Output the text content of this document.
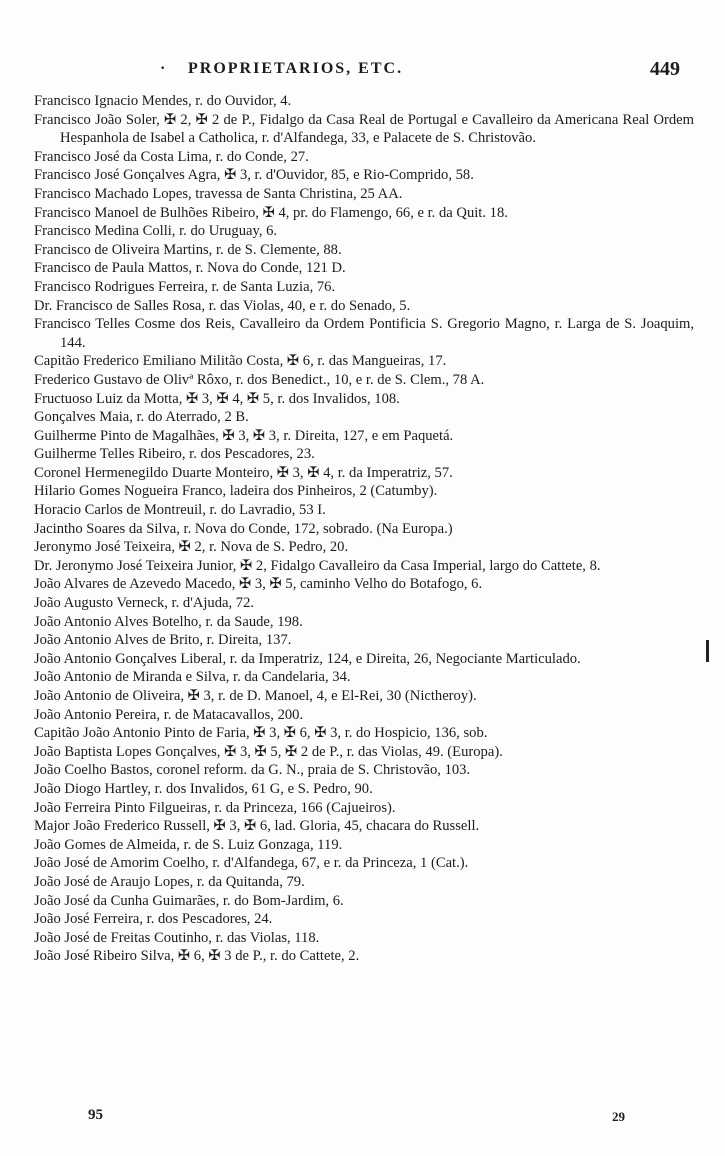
· PROPRIETARIOS, ETC.	449
Francisco Ignacio Mendes, r. do Ouvidor, 4.
Francisco João Soler, ✠ 2, ✠ 2 de P., Fidalgo da Casa Real de Portugal e Cavalleiro da Americana Real Ordem Hespanhola de Isabel a Catholica, r. d'Alfandega, 33, e Palacete de S. Christovão.
Francisco José da Costa Lima, r. do Conde, 27.
Francisco José Gonçalves Agra, ✠ 3, r. d'Ouvidor, 85, e Rio-Comprido, 58.
Francisco Machado Lopes, travessa de Santa Christina, 25 AA.
Francisco Manoel de Bulhões Ribeiro, ✠ 4, pr. do Flamengo, 66, e r. da Quit. 18.
Francisco Medina Colli, r. do Uruguay, 6.
Francisco de Oliveira Martins, r. de S. Clemente, 88.
Francisco de Paula Mattos, r. Nova do Conde, 121 D.
Francisco Rodrigues Ferreira, r. de Santa Luzia, 76.
Dr. Francisco de Salles Rosa, r. das Violas, 40, e r. do Senado, 5.
Francisco Telles Cosme dos Reis, Cavalleiro da Ordem Pontificia S. Gregorio Magno, r. Larga de S. Joaquim, 144.
Capitão Frederico Emiliano Militão Costa, ✠ 6, r. das Mangueiras, 17.
Frederico Gustavo de Olivª Rôxo, r. dos Benedict., 10, e r. de S. Clem., 78 A.
Fructuoso Luiz da Motta, ✠ 3, ✠ 4, ✠ 5, r. dos Invalidos, 108.
Gonçalves Maia, r. do Aterrado, 2 B.
Guilherme Pinto de Magalhães, ✠ 3, ✠ 3, r. Direita, 127, e em Paquetá.
Guilherme Telles Ribeiro, r. dos Pescadores, 23.
Coronel Hermenegildo Duarte Monteiro, ✠ 3, ✠ 4, r. da Imperatriz, 57.
Hilario Gomes Nogueira Franco, ladeira dos Pinheiros, 2 (Catumby).
Horacio Carlos de Montreuil, r. do Lavradio, 53 I.
Jacintho Soares da Silva, r. Nova do Conde, 172, sobrado. (Na Europa.)
Jeronymo José Teixeira, ✠ 2, r. Nova de S. Pedro, 20.
Dr. Jeronymo José Teixeira Junior, ✠ 2, Fidalgo Cavalleiro da Casa Imperial, largo do Cattete, 8.
João Alvares de Azevedo Macedo, ✠ 3, ✠ 5, caminho Velho do Botafogo, 6.
João Augusto Verneck, r. d'Ajuda, 72.
João Antonio Alves Botelho, r. da Saude, 198.
João Antonio Alves de Brito, r. Direita, 137.
João Antonio Gonçalves Liberal, r. da Imperatriz, 124, e Direita, 26, Negociante Marticulado.
João Antonio de Miranda e Silva, r. da Candelaria, 34.
João Antonio de Oliveira, ✠ 3, r. de D. Manoel, 4, e El-Rei, 30 (Nictheroy).
João Antonio Pereira, r. de Matacavallos, 200.
Capitão João Antonio Pinto de Faria, ✠ 3, ✠ 6, ✠ 3, r. do Hospicio, 136, sob.
João Baptista Lopes Gonçalves, ✠ 3, ✠ 5, ✠ 2 de P., r. das Violas, 49. (Europa).
João Coelho Bastos, coronel reform. da G. N., praia de S. Christovão, 103.
João Diogo Hartley, r. dos Invalidos, 61 G, e S. Pedro, 90.
João Ferreira Pinto Filgueiras, r. da Princeza, 166 (Cajueiros).
Major João Frederico Russell, ✠ 3, ✠ 6, lad. Gloria, 45, chacara do Russell.
João Gomes de Almeida, r. de S. Luiz Gonzaga, 119.
João José de Amorim Coelho, r. d'Alfandega, 67, e r. da Princeza, 1 (Cat.).
João José de Araujo Lopes, r. da Quitanda, 79.
João José da Cunha Guimarães, r. do Bom-Jardim, 6.
João José Ferreira, r. dos Pescadores, 24.
João José de Freitas Coutinho, r. das Violas, 118.
João José Ribeiro Silva, ✠ 6, ✠ 3 de P., r. do Cattete, 2.
95	29
